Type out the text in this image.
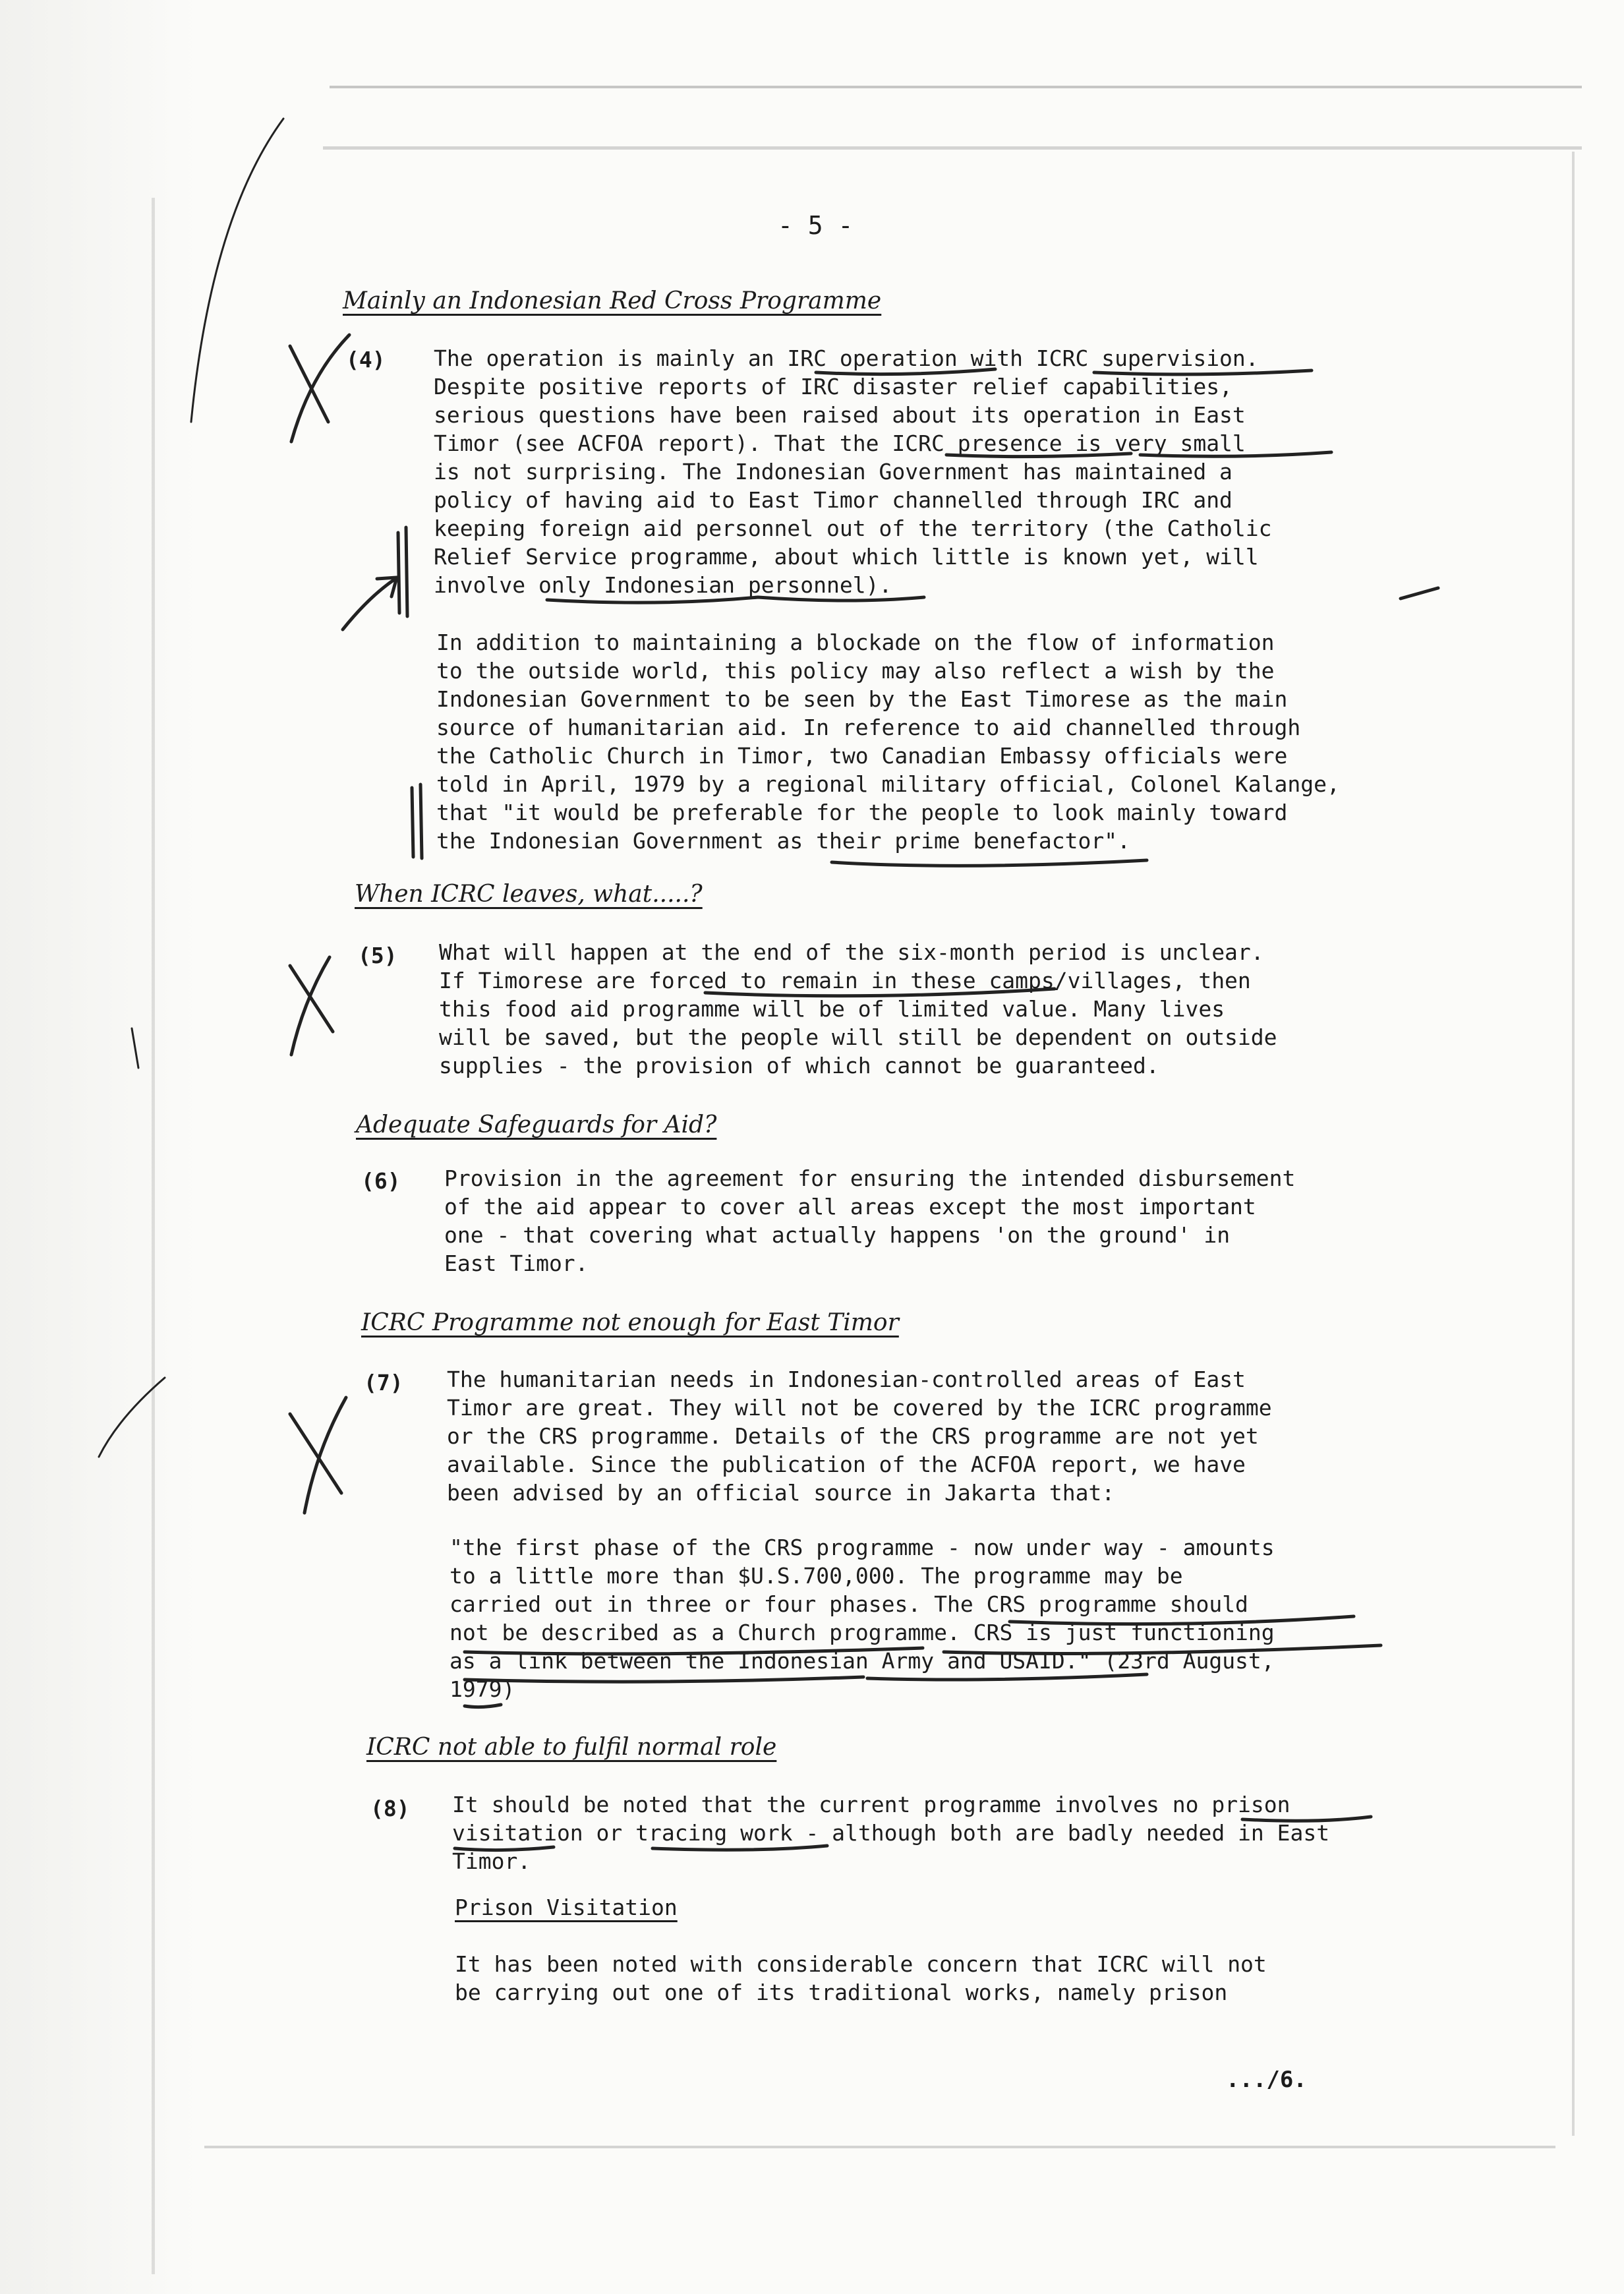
- 5 -
Mainly an Indonesian Red Cross Programme
(4) The operation is mainly an IRC operation with ICRC supervision.
Despite positive reports of IRC disaster relief capabilities,
serious questions have been raised about its operation in East
Timor (see ACFOA report). That the ICRC presence is very small
is not surprising. The Indonesian Government has maintained a
policy of having aid to East Timor channelled through IRC and
keeping foreign aid personnel out of the territory (the Catholic
Relief Service programme, about which little is known yet, will
involve only Indonesian personnel).
In addition to maintaining a blockade on the flow of information
to the outside world, this policy may also reflect a wish by the
Indonesian Government to be seen by the East Timorese as the main
source of humanitarian aid. In reference to aid channelled through
the Catholic Church in Timor, two Canadian Embassy officials were
told in April, 1979 by a regional military official, Colonel Kalange,
that "it would be preferable for the people to look mainly toward
the Indonesian Government as their prime benefactor".
When ICRC leaves, what.....?
(5) What will happen at the end of the six-month period is unclear.
If Timorese are forced to remain in these camps/villages, then
this food aid programme will be of limited value. Many lives
will be saved, but the people will still be dependent on outside
supplies - the provision of which cannot be guaranteed.
Adequate Safeguards for Aid?
(6) Provision in the agreement for ensuring the intended disbursement
of the aid appear to cover all areas except the most important
one - that covering what actually happens 'on the ground' in
East Timor.
ICRC Programme not enough for East Timor
(7) The humanitarian needs in Indonesian-controlled areas of East
Timor are great. They will not be covered by the ICRC programme
or the CRS programme. Details of the CRS programme are not yet
available. Since the publication of the ACFOA report, we have
been advised by an official source in Jakarta that:
"the first phase of the CRS programme - now under way - amounts
to a little more than $U.S.700,000. The programme may be
carried out in three or four phases. The CRS programme should
not be described as a Church programme. CRS is just functioning
as a link between the Indonesian Army and USAID." (23rd August,
1979)
ICRC not able to fulfil normal role
(8) It should be noted that the current programme involves no prison
visitation or tracing work - although both are badly needed in East
Timor.
Prison Visitation
It has been noted with considerable concern that ICRC will not
be carrying out one of its traditional works, namely prison
.../6.
